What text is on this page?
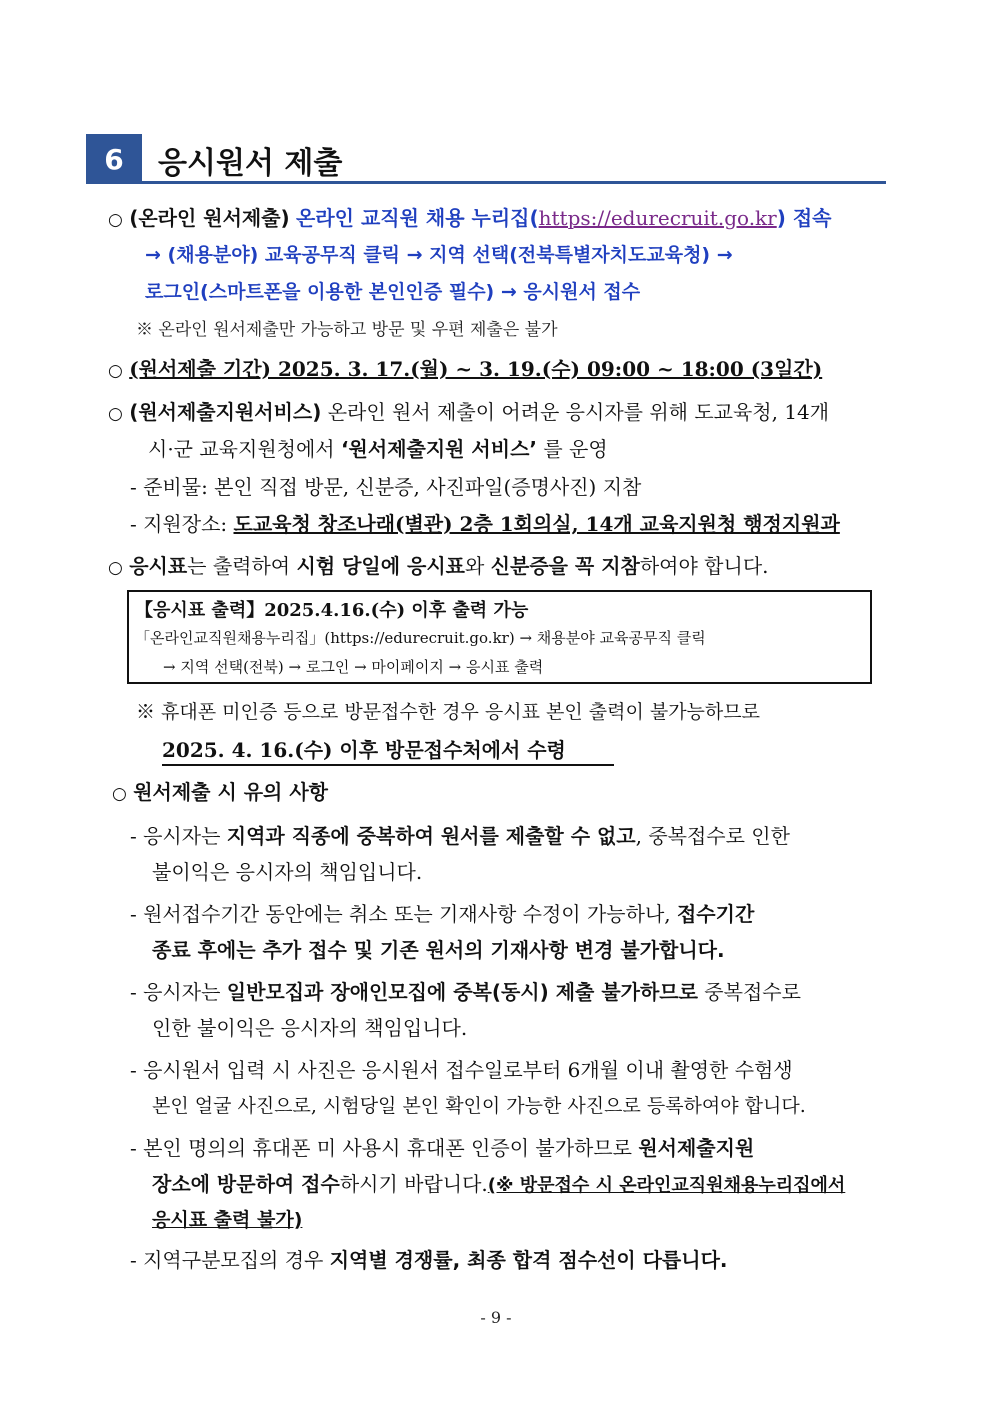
6	응시원서 제출
○ (온라인 원서제출) 온라인 교직원 채용 누리집(https://edurecruit.go.kr) 접속
→ (채용분야) 교육공무직 클릭 → 지역 선택(전북특별자치도교육청) →
로그인(스마트폰을 이용한 본인인증 필수) → 응시원서 접수
※ 온라인 원서제출만 가능하고 방문 및 우편 제출은 불가
○ (원서제출 기간) 2025. 3. 17.(월) ~ 3. 19.(수) 09:00 ~ 18:00 (3일간)
○ (원서제출지원서비스) 온라인 원서 제출이 어려운 응시자를 위해 도교육청, 14개
시·군 교육지원청에서 ‘원서제출지원 서비스’ 를 운영
- 준비물: 본인 직접 방문, 신분증, 사진파일(증명사진) 지참
- 지원장소: 도교육청 창조나래(별관) 2층 1회의실, 14개 교육지원청 행정지원과
○ 응시표는 출력하여 시험 당일에 응시표와 신분증을 꼭 지참하여야 합니다.
【응시표 출력】2025.4.16.(수) 이후 출력 가능
「온라인교직원채용누리집」(https://edurecruit.go.kr) → 채용분야 교육공무직 클릭
→ 지역 선택(전북) → 로그인 → 마이페이지 → 응시표 출력
※ 휴대폰 미인증 등으로 방문접수한 경우 응시표 본인 출력이 불가능하므로
2025. 4. 16.(수) 이후 방문접수처에서 수령
○ 원서제출 시 유의 사항
- 응시자는 지역과 직종에 중복하여 원서를 제출할 수 없고, 중복접수로 인한
불이익은 응시자의 책임입니다.
- 원서접수기간 동안에는 취소 또는 기재사항 수정이 가능하나, 접수기간
종료 후에는 추가 접수 및 기존 원서의 기재사항 변경 불가합니다.
- 응시자는 일반모집과 장애인모집에 중복(동시) 제출 불가하므로 중복접수로
인한 불이익은 응시자의 책임입니다.
- 응시원서 입력 시 사진은 응시원서 접수일로부터 6개월 이내 촬영한 수험생
본인 얼굴 사진으로, 시험당일 본인 확인이 가능한 사진으로 등록하여야 합니다.
- 본인 명의의 휴대폰 미 사용시 휴대폰 인증이 불가하므로 원서제출지원
장소에 방문하여 접수하시기 바랍니다.(※ 방문접수 시 온라인교직원채용누리집에서
응시표 출력 불가)
- 지역구분모집의 경우 지역별 경쟁률, 최종 합격 점수선이 다릅니다.
- 9 -
